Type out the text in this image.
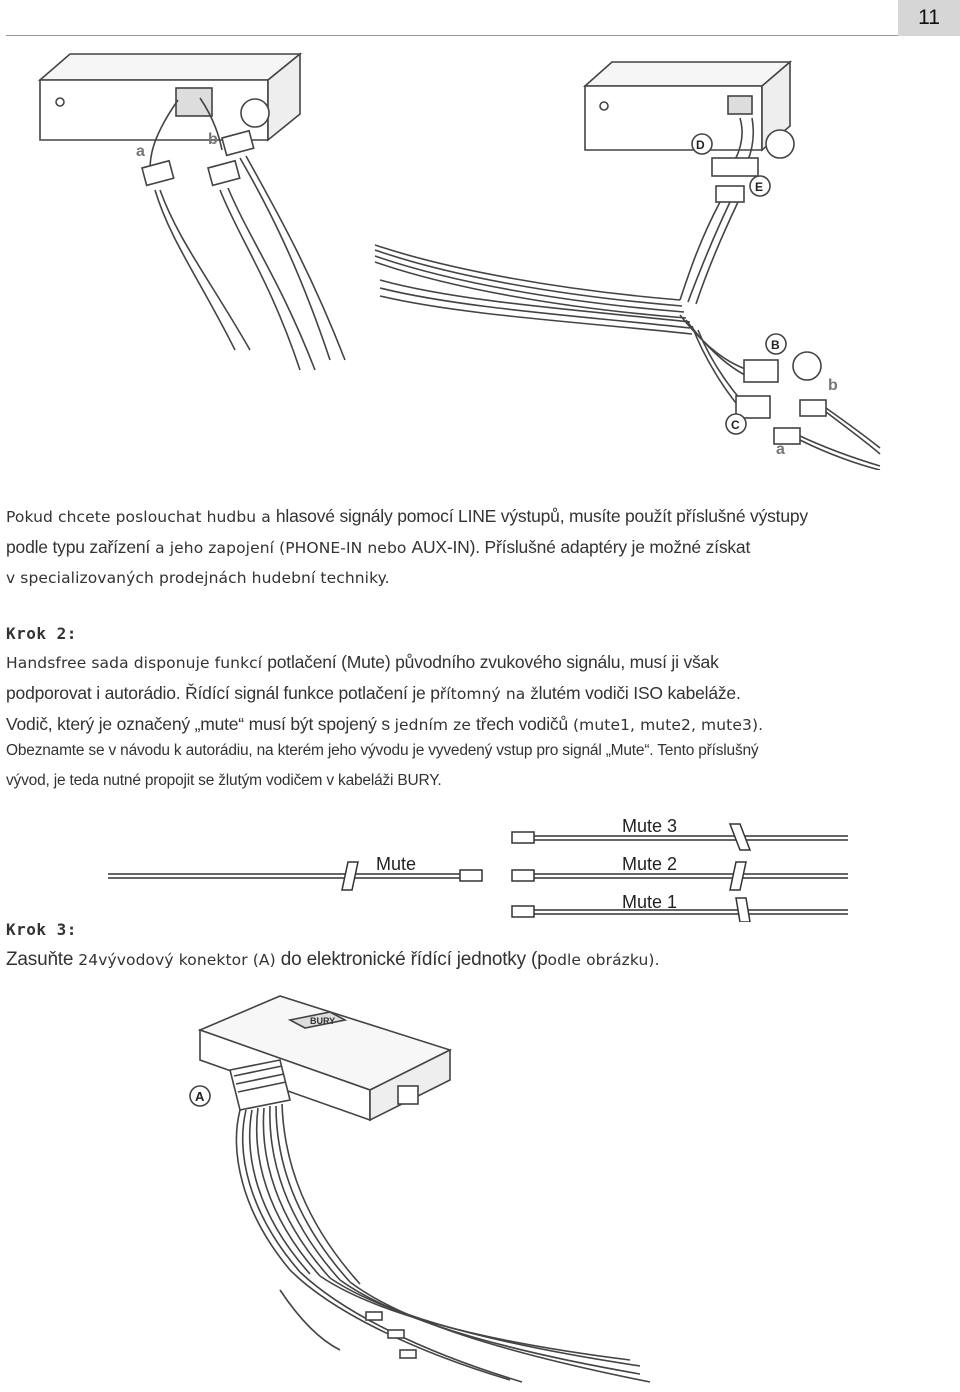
11
a
b	D
E
B
C
b
a

Pokud chcete poslouchat hudbu a hlasové signály pomocí LINE výstupů, musíte použít příslušné výstupy
podle typu zařízení a jeho zapojení (PHONE-IN nebo AUX-IN). Příslušné adaptéry je možné získat
v specializovaných prodejnách hudební techniky.

Krok 2:

Handsfree sada disponuje funkcí potlačení (Mute) původního zvukového signálu, musí ji však
podporovat i autorádio. Řídící signál funkce potlačení je přítomný na žlutém vodiči ISO kabeláže.
Vodič, který je označený „mute“ musí být spojený s jedním ze třech vodičů (mute1, mute2, mute3).

Obeznamte se v návodu k autorádiu, na kterém jeho vývodu je vyvedený vstup pro signál „Mute“. Tento příslušný
vývod, je teda nutné propojit se žlutým vodičem v kabeláži BURY.

Mute
Mute 3
Mute 2
Mute 1

Krok 3:

Zasuňte 24vývodový konektor (A) do elektronické řídící jednotky (podle obrázku).

A
BURY
